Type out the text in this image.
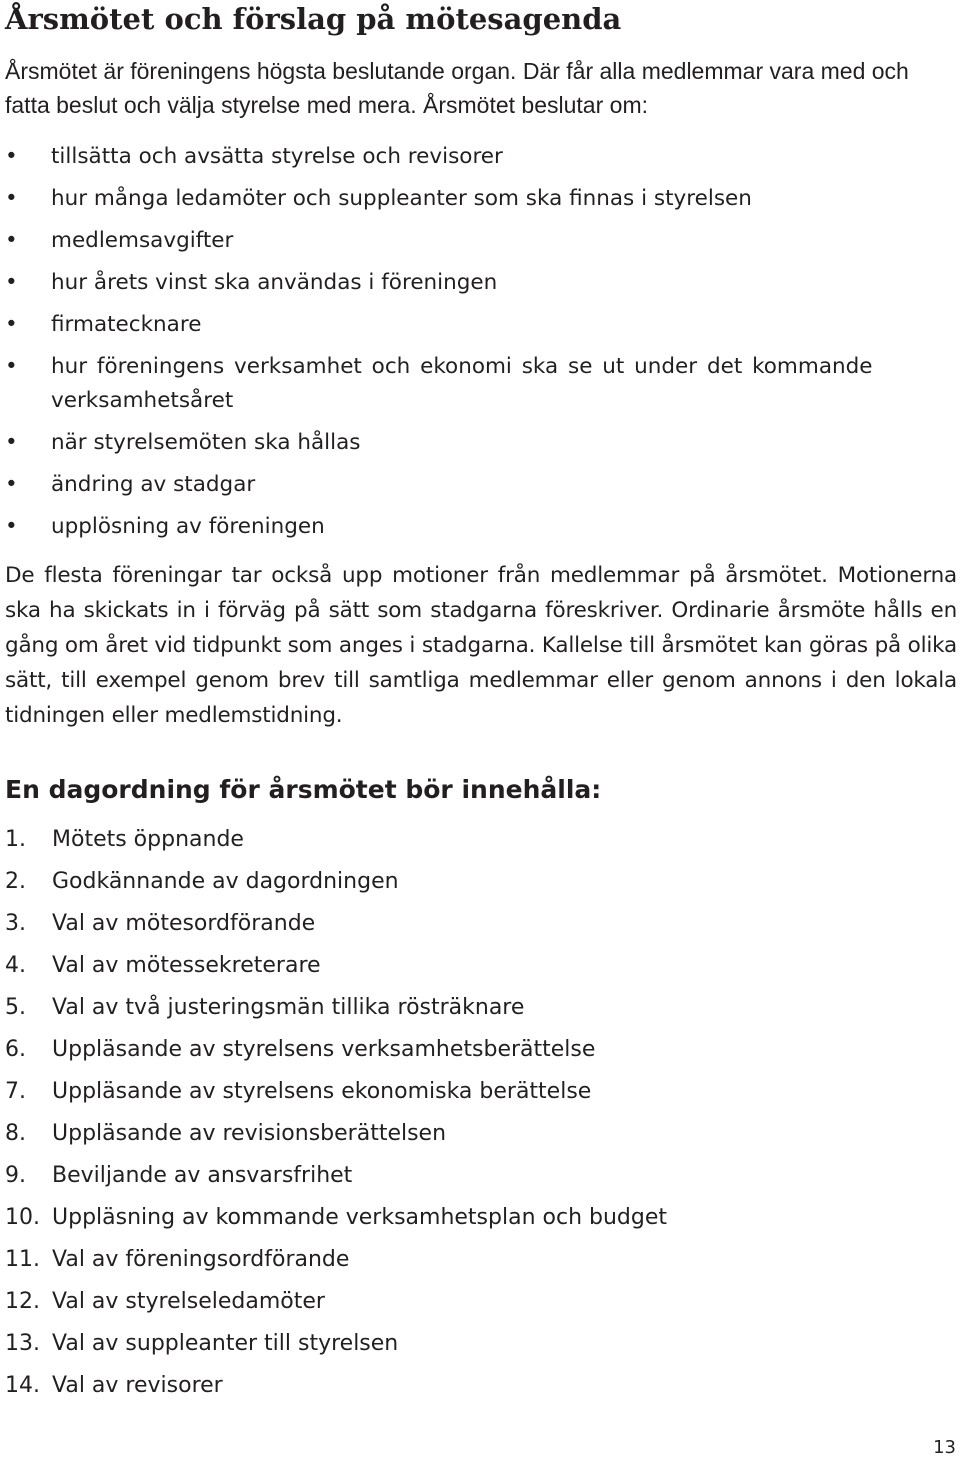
Årsmötet och förslag på mötesagenda

Årsmötet är föreningens högsta beslutande organ. Där får alla medlemmar vara med och fatta beslut och välja styrelse med mera. Årsmötet beslutar om:

•	tillsätta och avsätta styrelse och revisorer
•	hur många ledamöter och suppleanter som ska finnas i styrelsen
•	medlemsavgifter
•	hur årets vinst ska användas i föreningen
•	firmatecknare
•	hur föreningens verksamhet och ekonomi ska se ut under det kommande verksamhetsåret
•	när styrelsemöten ska hållas
•	ändring av stadgar
•	upplösning av föreningen

De flesta föreningar tar också upp motioner från medlemmar på årsmötet. Motionerna ska ha skickats in i förväg på sätt som stadgarna föreskriver. Ordinarie årsmöte hålls en gång om året vid tidpunkt som anges i stadgarna. Kallelse till årsmötet kan göras på olika sätt, till exempel genom brev till samtliga medlemmar eller genom annons i den lokala tidningen eller medlemstidning.

En dagordning för årsmötet bör innehålla:
1. Mötets öppnande
2. Godkännande av dagordningen
3. Val av mötesordförande
4. Val av mötessekreterare
5. Val av två justeringsmän tillika rösträknare
6. Uppläsande av styrelsens verksamhetsberättelse
7. Uppläsande av styrelsens ekonomiska berättelse
8. Uppläsande av revisionsberättelsen
9. Beviljande av ansvarsfrihet
10. Uppläsning av kommande verksamhetsplan och budget
11. Val av föreningsordförande
12. Val av styrelseledamöter
13. Val av suppleanter till styrelsen
14. Val av revisorer
13
